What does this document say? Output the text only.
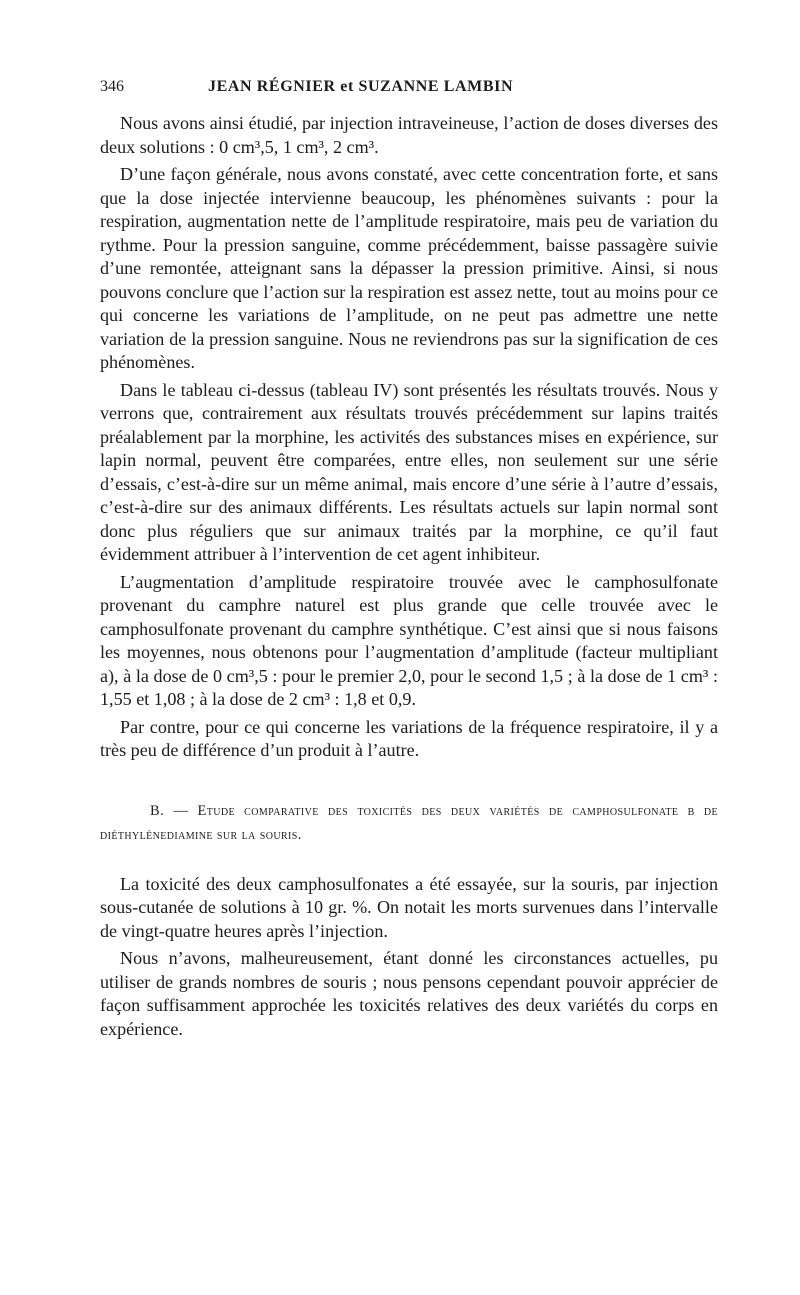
346	JEAN RÉGNIER et SUZANNE LAMBIN

Nous avons ainsi étudié, par injection intraveineuse, l’action de doses diverses des deux solutions : 0 cm³,5, 1 cm³, 2 cm³.

D’une façon générale, nous avons constaté, avec cette concentration forte, et sans que la dose injectée intervienne beaucoup, les phénomènes suivants : pour la respiration, augmentation nette de l’amplitude respiratoire, mais peu de variation du rythme. Pour la pression sanguine, comme précédemment, baisse passagère suivie d’une remontée, atteignant sans la dépasser la pression primitive. Ainsi, si nous pouvons conclure que l’action sur la respiration est assez nette, tout au moins pour ce qui concerne les variations de l’amplitude, on ne peut pas admettre une nette variation de la pression sanguine. Nous ne reviendrons pas sur la signification de ces phénomènes.

Dans le tableau ci-dessus (tableau IV) sont présentés les résultats trouvés. Nous y verrons que, contrairement aux résultats trouvés précédemment sur lapins traités préalablement par la morphine, les activités des substances mises en expérience, sur lapin normal, peuvent être comparées, entre elles, non seulement sur une série d’essais, c’est-à-dire sur un même animal, mais encore d’une série à l’autre d’essais, c’est-à-dire sur des animaux différents. Les résultats actuels sur lapin normal sont donc plus réguliers que sur animaux traités par la morphine, ce qu’il faut évidemment attribuer à l’intervention de cet agent inhibiteur.

L’augmentation d’amplitude respiratoire trouvée avec le camphosulfonate provenant du camphre naturel est plus grande que celle trouvée avec le camphosulfonate provenant du camphre synthétique. C’est ainsi que si nous faisons les moyennes, nous obtenons pour l’augmentation d’amplitude (facteur multipliant a), à la dose de 0 cm³,5 : pour le premier 2,0, pour le second 1,5 ; à la dose de 1 cm³ : 1,55 et 1,08 ; à la dose de 2 cm³ : 1,8 et 0,9.

Par contre, pour ce qui concerne les variations de la fréquence respiratoire, il y a très peu de différence d’un produit à l’autre.

B. — Etude comparative des toxicités des deux variétés de camphosulfonate β de diéthylènediamine sur la souris.

La toxicité des deux camphosulfonates a été essayée, sur la souris, par injection sous-cutanée de solutions à 10 gr. %. On notait les morts survenues dans l’intervalle de vingt-quatre heures après l’injection.

Nous n’avons, malheureusement, étant donné les circonstances actuelles, pu utiliser de grands nombres de souris ; nous pensons cependant pouvoir apprécier de façon suffisamment approchée les toxicités relatives des deux variétés du corps en expérience.
